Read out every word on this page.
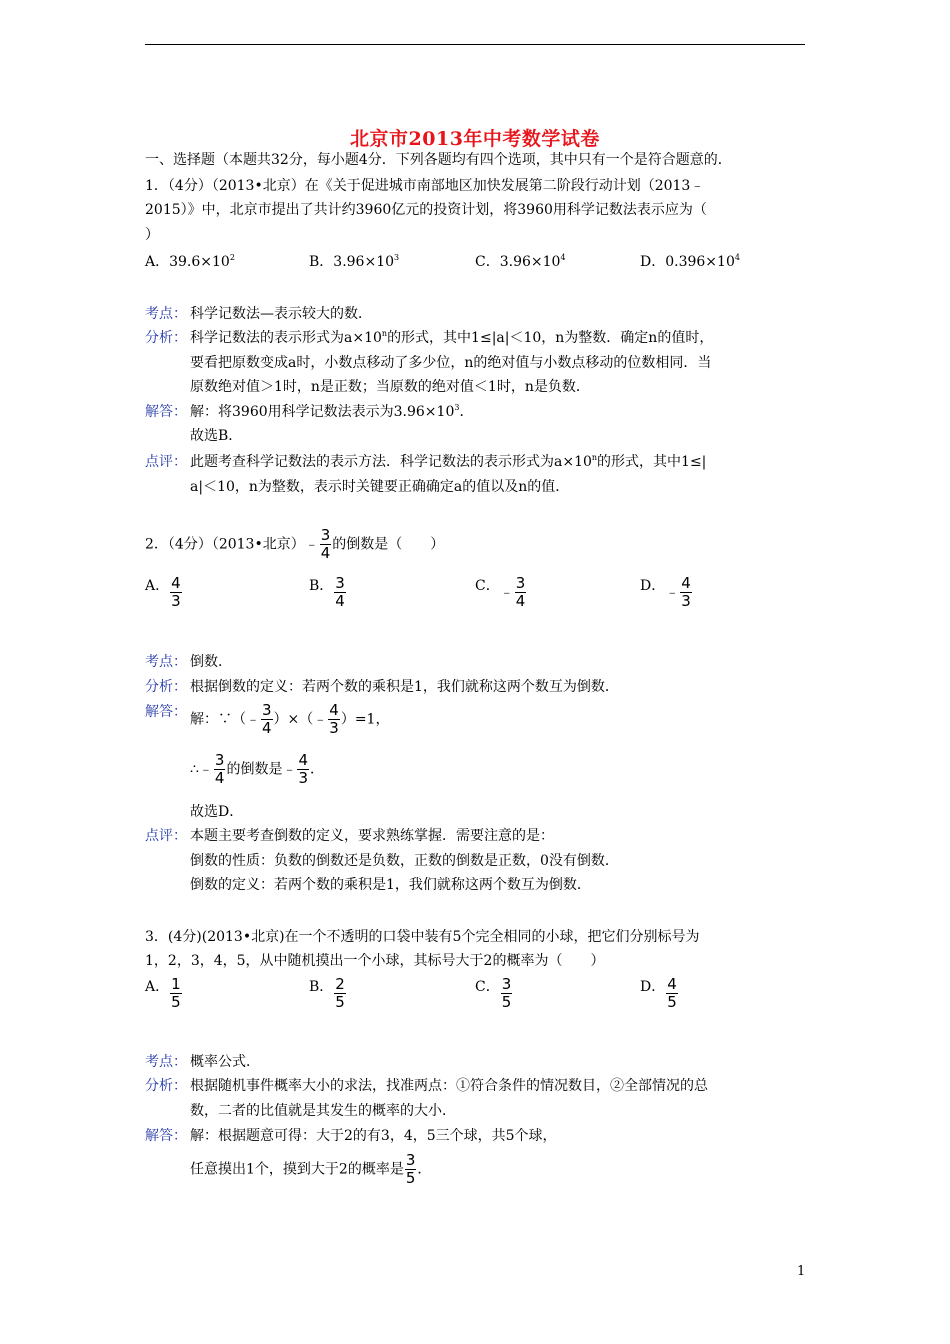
北京市2013年中考数学试卷
一、选择题（本题共32分，每小题4分．下列各题均有四个选项，其中只有一个是符合题意的．
1．（4分）（2013•北京）在《关于促进城市南部地区加快发展第二阶段行动计划（2013﹣
2015）》中，北京市提出了共计约3960亿元的投资计划，将3960用科学记数法表示应为（
）
A．$39.6\times 10^2$	B．$3.96\times 10^3$	C．$3.96\times 10^4$	D．$0.396\times 10^4$
考点： 科学记数法—表示较大的数．
分析： 科学记数法的表示形式为$a\times 10^n$的形式，其中1≤|a|＜10，n为整数．确定n的值时，
要看把原数变成a时，小数点移动了多少位，n的绝对值与小数点移动的位数相同．当
原数绝对值＞1时，n是正数；当原数的绝对值＜1时，n是负数．
解答： 解：将3960用科学记数法表示为$3.96\times 10^3$．
故选B．
点评： 此题考查科学记数法的表示方法．科学记数法的表示形式为$a\times 10^n$的形式，其中1≤|
a|＜10，n为整数，表示时关键要正确确定a的值以及n的值．
2．（4分）（2013•北京）﹣ $\frac{3}{4}$ 的倒数是（　　）
A． $\frac{4}{3}$	B． $\frac{3}{4}$	C．﹣ $\frac{3}{4}$	D．﹣ $\frac{4}{3}$
考点： 倒数．
分析： 根据倒数的定义：若两个数的乘积是1，我们就称这两个数互为倒数．
解答： 解：∵（﹣ $\frac{3}{4}$ ）×（﹣ $\frac{4}{3} )=1$，
∴﹣ $\frac{3}{4}$ 的倒数是﹣ $\frac{4}{3}$ ．
故选D．
点评： 本题主要考查倒数的定义，要求熟练掌握．需要注意的是：
倒数的性质：负数的倒数还是负数，正数的倒数是正数，0没有倒数．
倒数的定义：若两个数的乘积是1，我们就称这两个数互为倒数．
3．(4分)(2013•北京)在一个不透明的口袋中装有5个完全相同的小球，把它们分别标号为
1，2，3，4，5，从中随机摸出一个小球，其标号大于2的概率为（　　）
A． $\frac{1}{5}$	B． $\frac{2}{5}$	C． $\frac{3}{5}$	D． $\frac{4}{5}$
考点： 概率公式．
分析： 根据随机事件概率大小的求法，找准两点：①符合条件的情况数目，②全部情况的总
数，二者的比值就是其发生的概率的大小．
解答： 解：根据题意可得：大于2的有3，4，5三个球，共5个球，
任意摸出1个，摸到大于2的概率是 $\frac{3}{5}$ ．
1
